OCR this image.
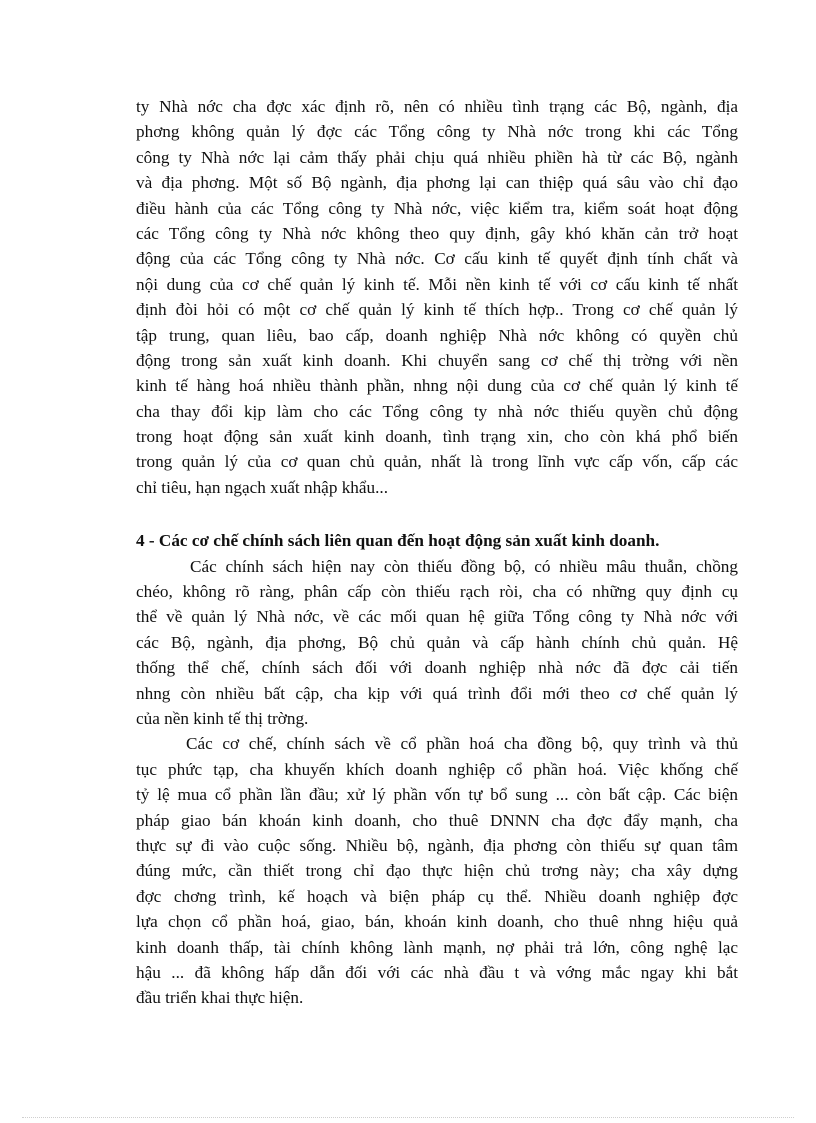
ty Nhà nớc cha đợc xác định rõ, nên có nhiều tình trạng các Bộ, ngành, địa
phơng không quản lý đợc các Tổng công ty Nhà nớc trong khi các Tổng
công ty Nhà nớc lại cảm thấy phải chịu quá nhiều phiền hà từ các Bộ, ngành
và địa phơng. Một số Bộ ngành, địa phơng lại can thiệp quá sâu vào chỉ đạo
điều hành của các Tổng công ty Nhà nớc, việc kiểm tra, kiểm soát hoạt động
các Tổng công ty Nhà nớc không theo quy định, gây khó khăn cản trở hoạt
động của các Tổng công ty Nhà nớc. Cơ cấu kinh tế quyết định tính chất và
nội dung của cơ chế quản lý kinh tế. Mỗi nền kinh tế với cơ cấu kinh tế nhất
định đòi hỏi có một cơ chế quản lý kinh tế thích hợp.. Trong cơ chế quản lý
tập trung, quan liêu, bao cấp, doanh nghiệp Nhà nớc không có quyền chủ
động trong sản xuất kinh doanh. Khi chuyển sang cơ chế thị trờng với nền
kinh tế hàng hoá nhiều thành phần, nhng nội dung của cơ chế quản lý kinh tế
cha thay đổi kịp làm cho các Tổng công ty nhà nớc thiếu quyền chủ động
trong hoạt động sản xuất kinh doanh, tình trạng xin, cho còn khá phổ biến
trong quản lý của cơ quan chủ quản, nhất là trong lĩnh vực cấp vốn, cấp các
chỉ tiêu, hạn ngạch xuất nhập khẩu...
4 - Các cơ chế chính sách liên quan đến hoạt động sản xuất kinh doanh.
Các chính sách hiện nay còn thiếu đồng bộ, có nhiều mâu thuẫn, chồng
chéo, không rõ ràng, phân cấp còn thiếu rạch ròi, cha có những quy định cụ
thể về quản lý Nhà nớc, về các mối quan hệ giữa Tổng công ty Nhà nớc với
các Bộ, ngành, địa phơng, Bộ chủ quản và cấp hành chính chủ quản. Hệ
thống thể chế, chính sách đối với doanh nghiệp nhà nớc đã đợc cải tiến
nhng còn nhiều bất cập, cha kịp với quá trình đổi mới theo cơ chế quản lý
của nền kinh tế thị trờng.
Các cơ chế, chính sách về cổ phần hoá cha đồng bộ, quy trình và thủ
tục phức tạp, cha khuyến khích doanh nghiệp cổ phần hoá. Việc khống chế
tỷ lệ mua cổ phần lần đầu; xử lý phần vốn tự bổ sung ... còn bất cập. Các biện
pháp giao bán khoán kinh doanh, cho thuê DNNN cha đợc đẩy mạnh, cha
thực sự đi vào cuộc sống. Nhiều bộ, ngành, địa phơng còn thiếu sự quan tâm
đúng mức, cần thiết trong chỉ đạo thực hiện chủ trơng này; cha xây dựng
đợc chơng trình, kế hoạch và biện pháp cụ thể. Nhiều doanh nghiệp đợc
lựa chọn cổ phần hoá, giao, bán, khoán kinh doanh, cho thuê nhng hiệu quả
kinh doanh thấp, tài chính không lành mạnh, nợ phải trả lớn, công nghệ lạc
hậu ... đã không hấp dẫn đối với các nhà đầu t và vớng mắc ngay khi bắt
đầu triển khai thực hiện.
